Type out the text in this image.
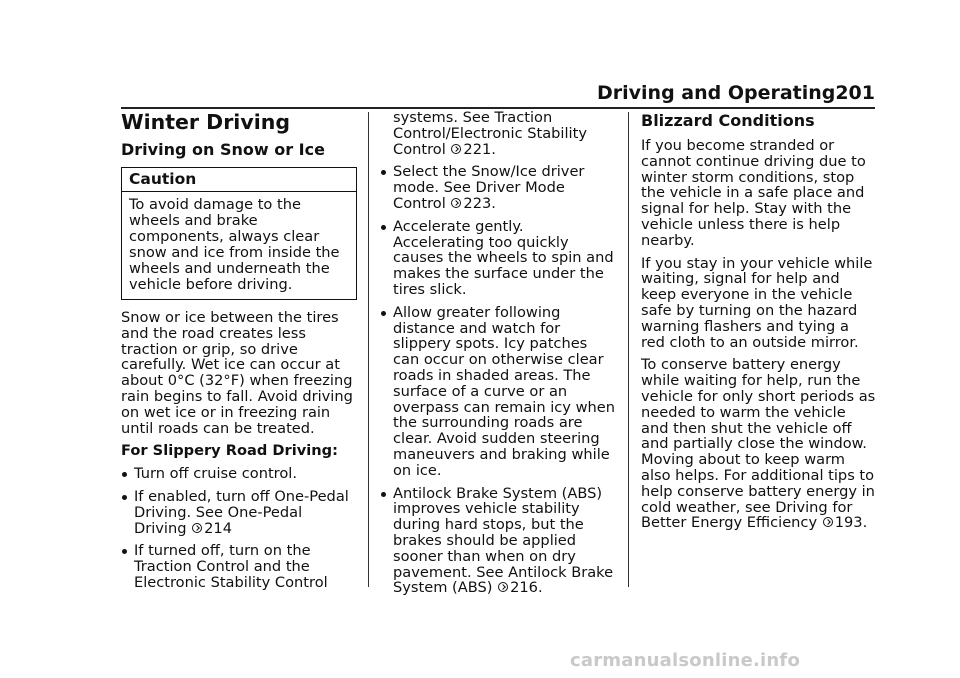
Driving and Operating 201
Winter Driving
Driving on Snow or Ice
Caution
To avoid damage to the wheels and brake components, always clear snow and ice from inside the wheels and underneath the vehicle before driving.

Snow or ice between the tires and the road creates less traction or grip, so drive carefully. Wet ice can occur at about 0°C (32°F) when freezing rain begins to fall. Avoid driving on wet ice or in freezing rain until roads can be treated.

For Slippery Road Driving:

Turn off cruise control.
If enabled, turn off One-Pedal Driving. See One-Pedal Driving 214
If turned off, turn on the Traction Control and the Electronic Stability Control

systems. See Traction Control/Electronic Stability Control 221.

Select the Snow/Ice driver mode. See Driver Mode Control 223.
Accelerate gently. Accelerating too quickly causes the wheels to spin and makes the surface under the tires slick.
Allow greater following distance and watch for slippery spots. Icy patches can occur on otherwise clear roads in shaded areas. The surface of a curve or an overpass can remain icy when the surrounding roads are clear. Avoid sudden steering maneuvers and braking while on ice.
Antilock Brake System (ABS) improves vehicle stability during hard stops, but the brakes should be applied sooner than when on dry pavement. See Antilock Brake System (ABS) 216.
Blizzard Conditions

If you become stranded or cannot continue driving due to winter storm conditions, stop the vehicle in a safe place and signal for help. Stay with the vehicle unless there is help nearby.

If you stay in your vehicle while waiting, signal for help and keep everyone in the vehicle safe by turning on the hazard warning flashers and tying a red cloth to an outside mirror.

To conserve battery energy while waiting for help, run the vehicle for only short periods as needed to warm the vehicle and then shut the vehicle off and partially close the window. Moving about to keep warm also helps. For additional tips to help conserve battery energy in cold weather, see Driving for Better Energy Efficiency 193.

carmanualsonline.info
